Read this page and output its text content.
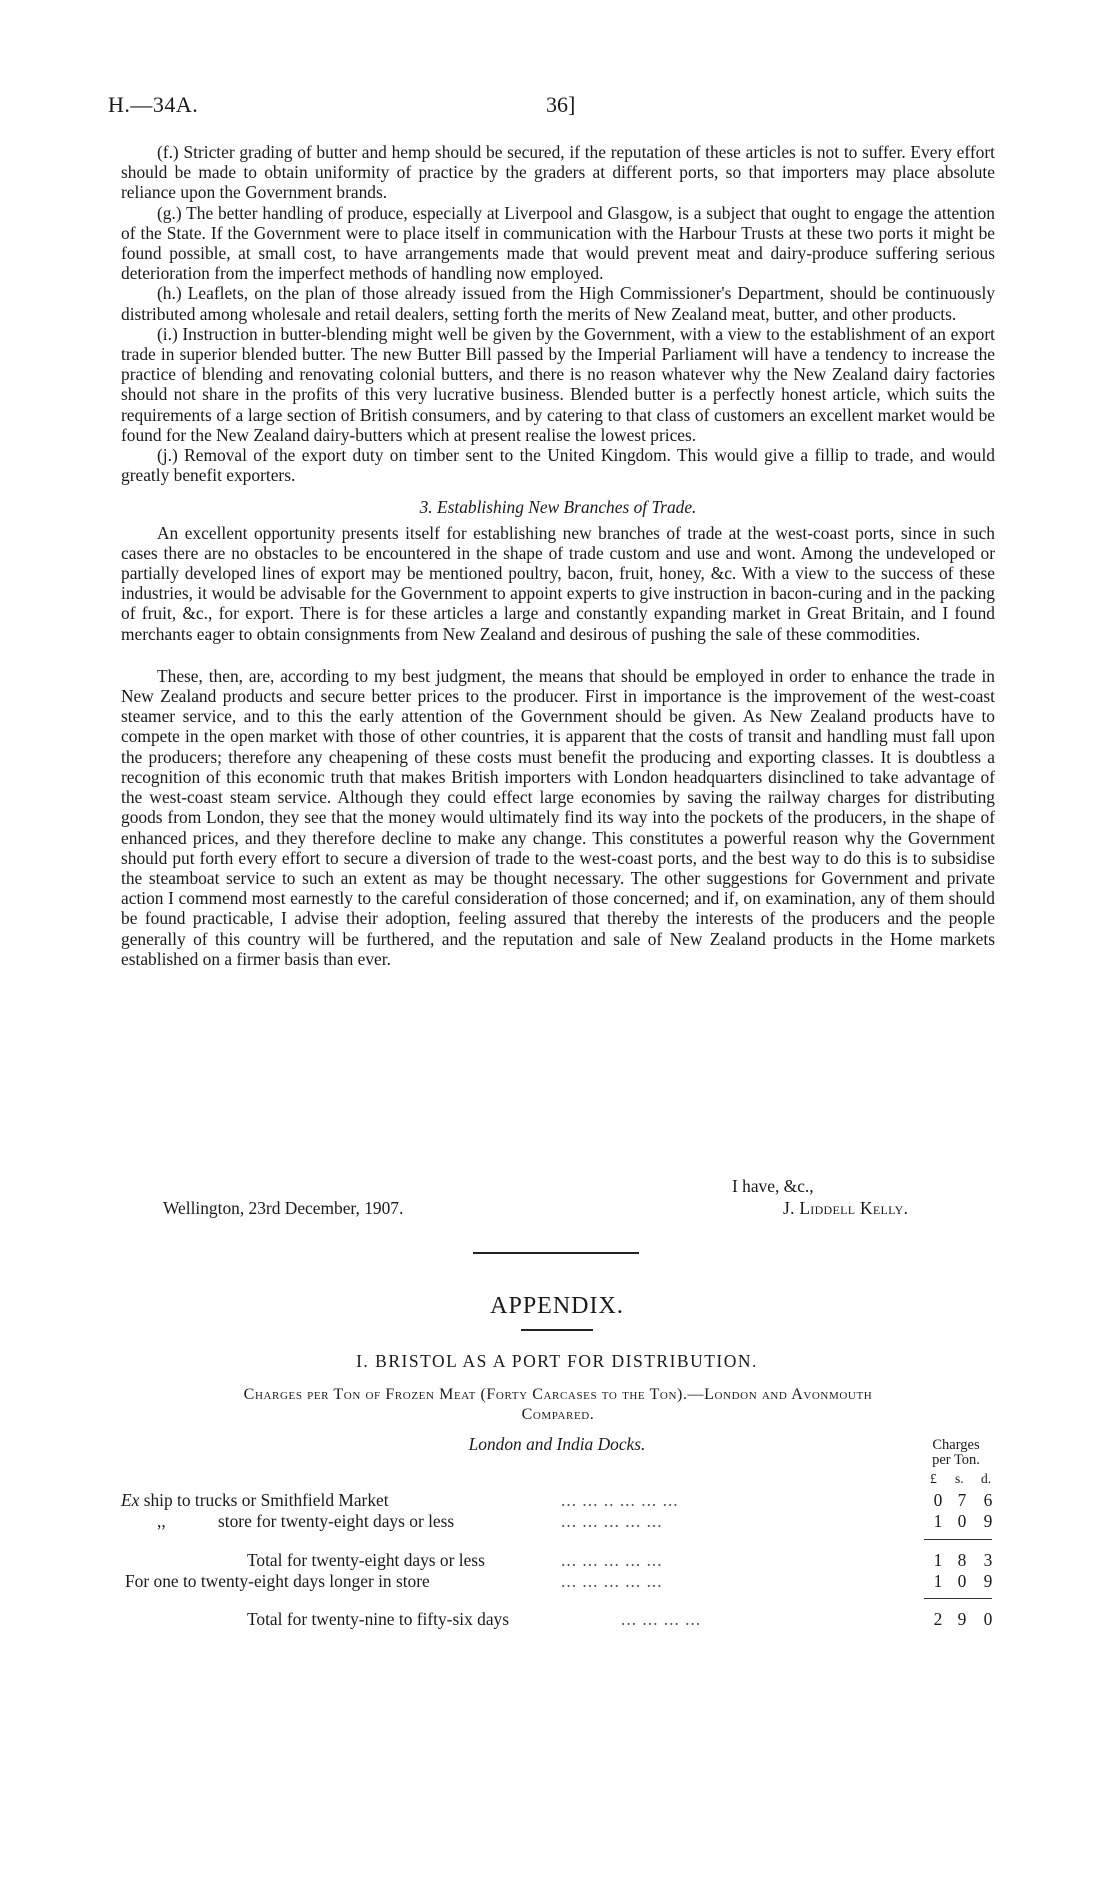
H.—34A.	36]

(f.) Stricter grading of butter and hemp should be secured, if the reputation of these articles is not to suffer. Every effort should be made to obtain uniformity of practice by the graders at different ports, so that importers may place absolute reliance upon the Government brands.

(g.) The better handling of produce, especially at Liverpool and Glasgow, is a subject that ought to engage the attention of the State. If the Government were to place itself in communication with the Harbour Trusts at these two ports it might be found possible, at small cost, to have arrangements made that would prevent meat and dairy-produce suffering serious deterioration from the imperfect methods of handling now employed.

(h.) Leaflets, on the plan of those already issued from the High Commissioner's Department, should be continuously distributed among wholesale and retail dealers, setting forth the merits of New Zealand meat, butter, and other products.

(i.) Instruction in butter-blending might well be given by the Government, with a view to the establishment of an export trade in superior blended butter. The new Butter Bill passed by the Imperial Parliament will have a tendency to increase the practice of blending and renovating colonial butters, and there is no reason whatever why the New Zealand dairy factories should not share in the profits of this very lucrative business. Blended butter is a perfectly honest article, which suits the requirements of a large section of British consumers, and by catering to that class of customers an excellent market would be found for the New Zealand dairy-butters which at present realise the lowest prices.

(j.) Removal of the export duty on timber sent to the United Kingdom. This would give a fillip to trade, and would greatly benefit exporters.

3. Establishing New Branches of Trade.

An excellent opportunity presents itself for establishing new branches of trade at the west-coast ports, since in such cases there are no obstacles to be encountered in the shape of trade custom and use and wont. Among the undeveloped or partially developed lines of export may be mentioned poultry, bacon, fruit, honey, &c. With a view to the success of these industries, it would be advisable for the Government to appoint experts to give instruction in bacon-curing and in the packing of fruit, &c., for export. There is for these articles a large and constantly expanding market in Great Britain, and I found merchants eager to obtain consignments from New Zealand and desirous of pushing the sale of these commodities.

These, then, are, according to my best judgment, the means that should be employed in order to enhance the trade in New Zealand products and secure better prices to the producer. First in importance is the improvement of the west-coast steamer service, and to this the early attention of the Government should be given. As New Zealand products have to compete in the open market with those of other countries, it is apparent that the costs of transit and handling must fall upon the producers; therefore any cheapening of these costs must benefit the producing and exporting classes. It is doubtless a recognition of this economic truth that makes British importers with London headquarters disinclined to take advantage of the west-coast steam service. Although they could effect large economies by saving the railway charges for distributing goods from London, they see that the money would ultimately find its way into the pockets of the producers, in the shape of enhanced prices, and they therefore decline to make any change. This constitutes a powerful reason why the Government should put forth every effort to secure a diversion of trade to the west-coast ports, and the best way to do this is to subsidise the steamboat service to such an extent as may be thought necessary. The other suggestions for Government and private action I commend most earnestly to the careful consideration of those concerned; and if, on examination, any of them should be found practicable, I advise their adoption, feeling assured that thereby the interests of the producers and the people generally of this country will be furthered, and the reputation and sale of New Zealand products in the Home markets established on a firmer basis than ever.

I have, &c.,
Wellington, 23rd December, 1907.	J. Liddell Kelly.
APPENDIX.
I. BRISTOL AS A PORT FOR DISTRIBUTION.
Charges per Ton of Frozen Meat (Forty Carcases to the Ton).—London and Avonmouth
Compared.
London and India Docks.	Charges
per Ton.
£ s. d.
Ex ship to trucks or Smithfield Market	... ... .. ... ... ...	0 7 6
,,	store for twenty-eight days or less	... ... ... ... ...	1 0 9
Total for twenty-eight days or less	... ... ... ... ...	1 8 3
For one to twenty-eight days longer in store	... ... ... ... ...	1 0 9
Total for twenty-nine to fifty-six days	... ... ... ...	2 9 0
